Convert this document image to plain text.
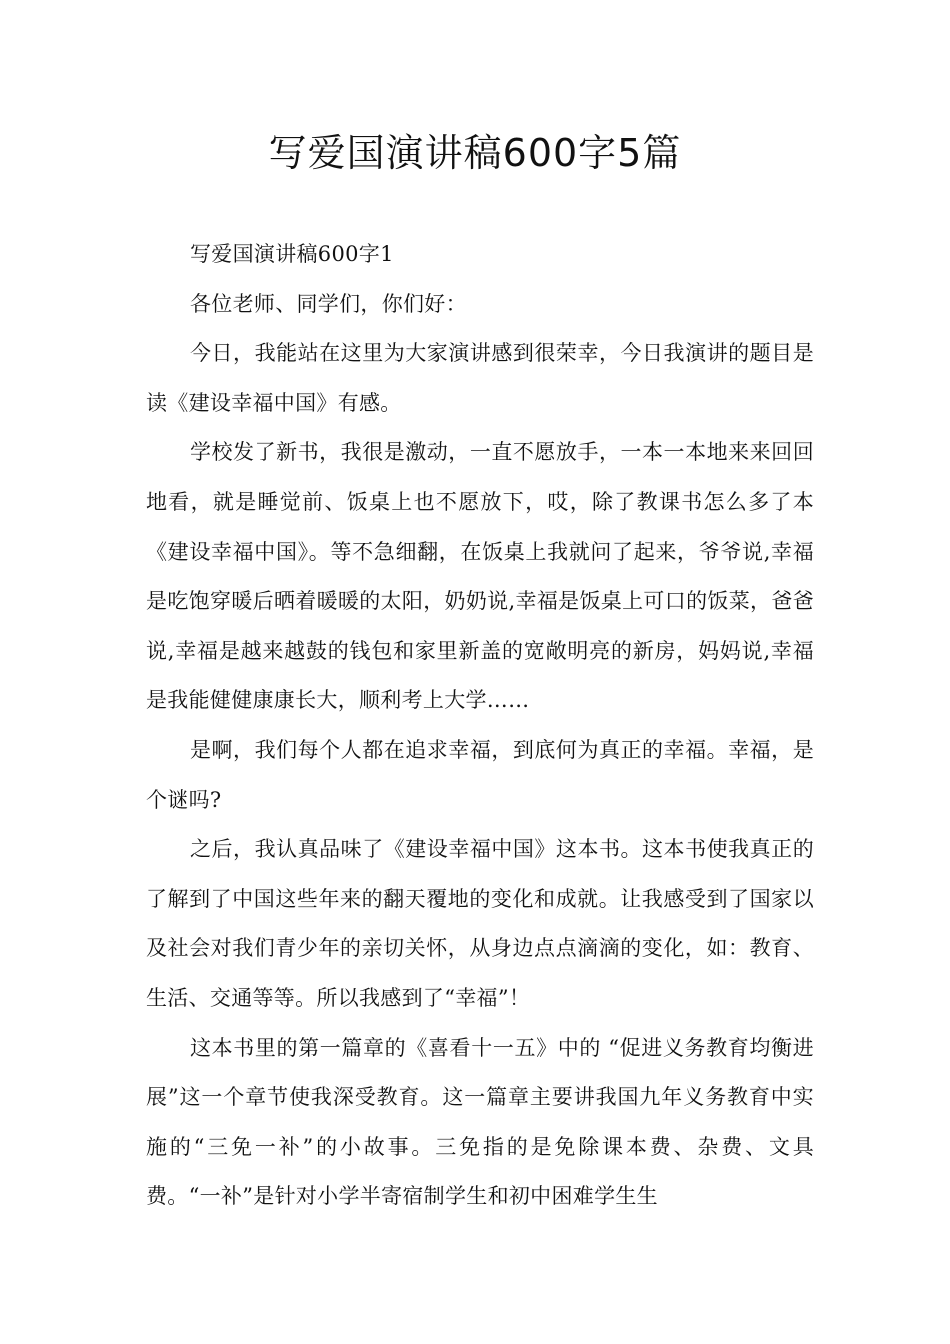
写爱国演讲稿600字5篇

写爱国演讲稿600字1

各位老师、同学们，你们好：

今日，我能站在这里为大家演讲感到很荣幸，今日我演讲的题目是读《建设幸福中国》有感。

学校发了新书，我很是激动，一直不愿放手，一本一本地来来回回地看，就是睡觉前、饭桌上也不愿放下，哎，除了教课书怎么多了本《建设幸福中国》。等不急细翻，在饭桌上我就问了起来，爷爷说,幸福是吃饱穿暖后晒着暖暖的太阳，奶奶说,幸福是饭桌上可口的饭菜，爸爸说,幸福是越来越鼓的钱包和家里新盖的宽敞明亮的新房，妈妈说,幸福是我能健健康康长大，顺利考上大学……

是啊，我们每个人都在追求幸福，到底何为真正的幸福。幸福，是个谜吗?

之后，我认真品味了《建设幸福中国》这本书。这本书使我真正的了解到了中国这些年来的翻天覆地的变化和成就。让我感受到了国家以及社会对我们青少年的亲切关怀，从身边点点滴滴的变化，如：教育、生活、交通等等。所以我感到了“幸福”！

这本书里的第一篇章的《喜看十一五》中的 “促进义务教育均衡进展”这一个章节使我深受教育。这一篇章主要讲我国九年义务教育中实施的“三免一补”的小故事。三免指的是免除课本费、杂费、文具费。“一补”是针对小学半寄宿制学生和初中困难学生生
